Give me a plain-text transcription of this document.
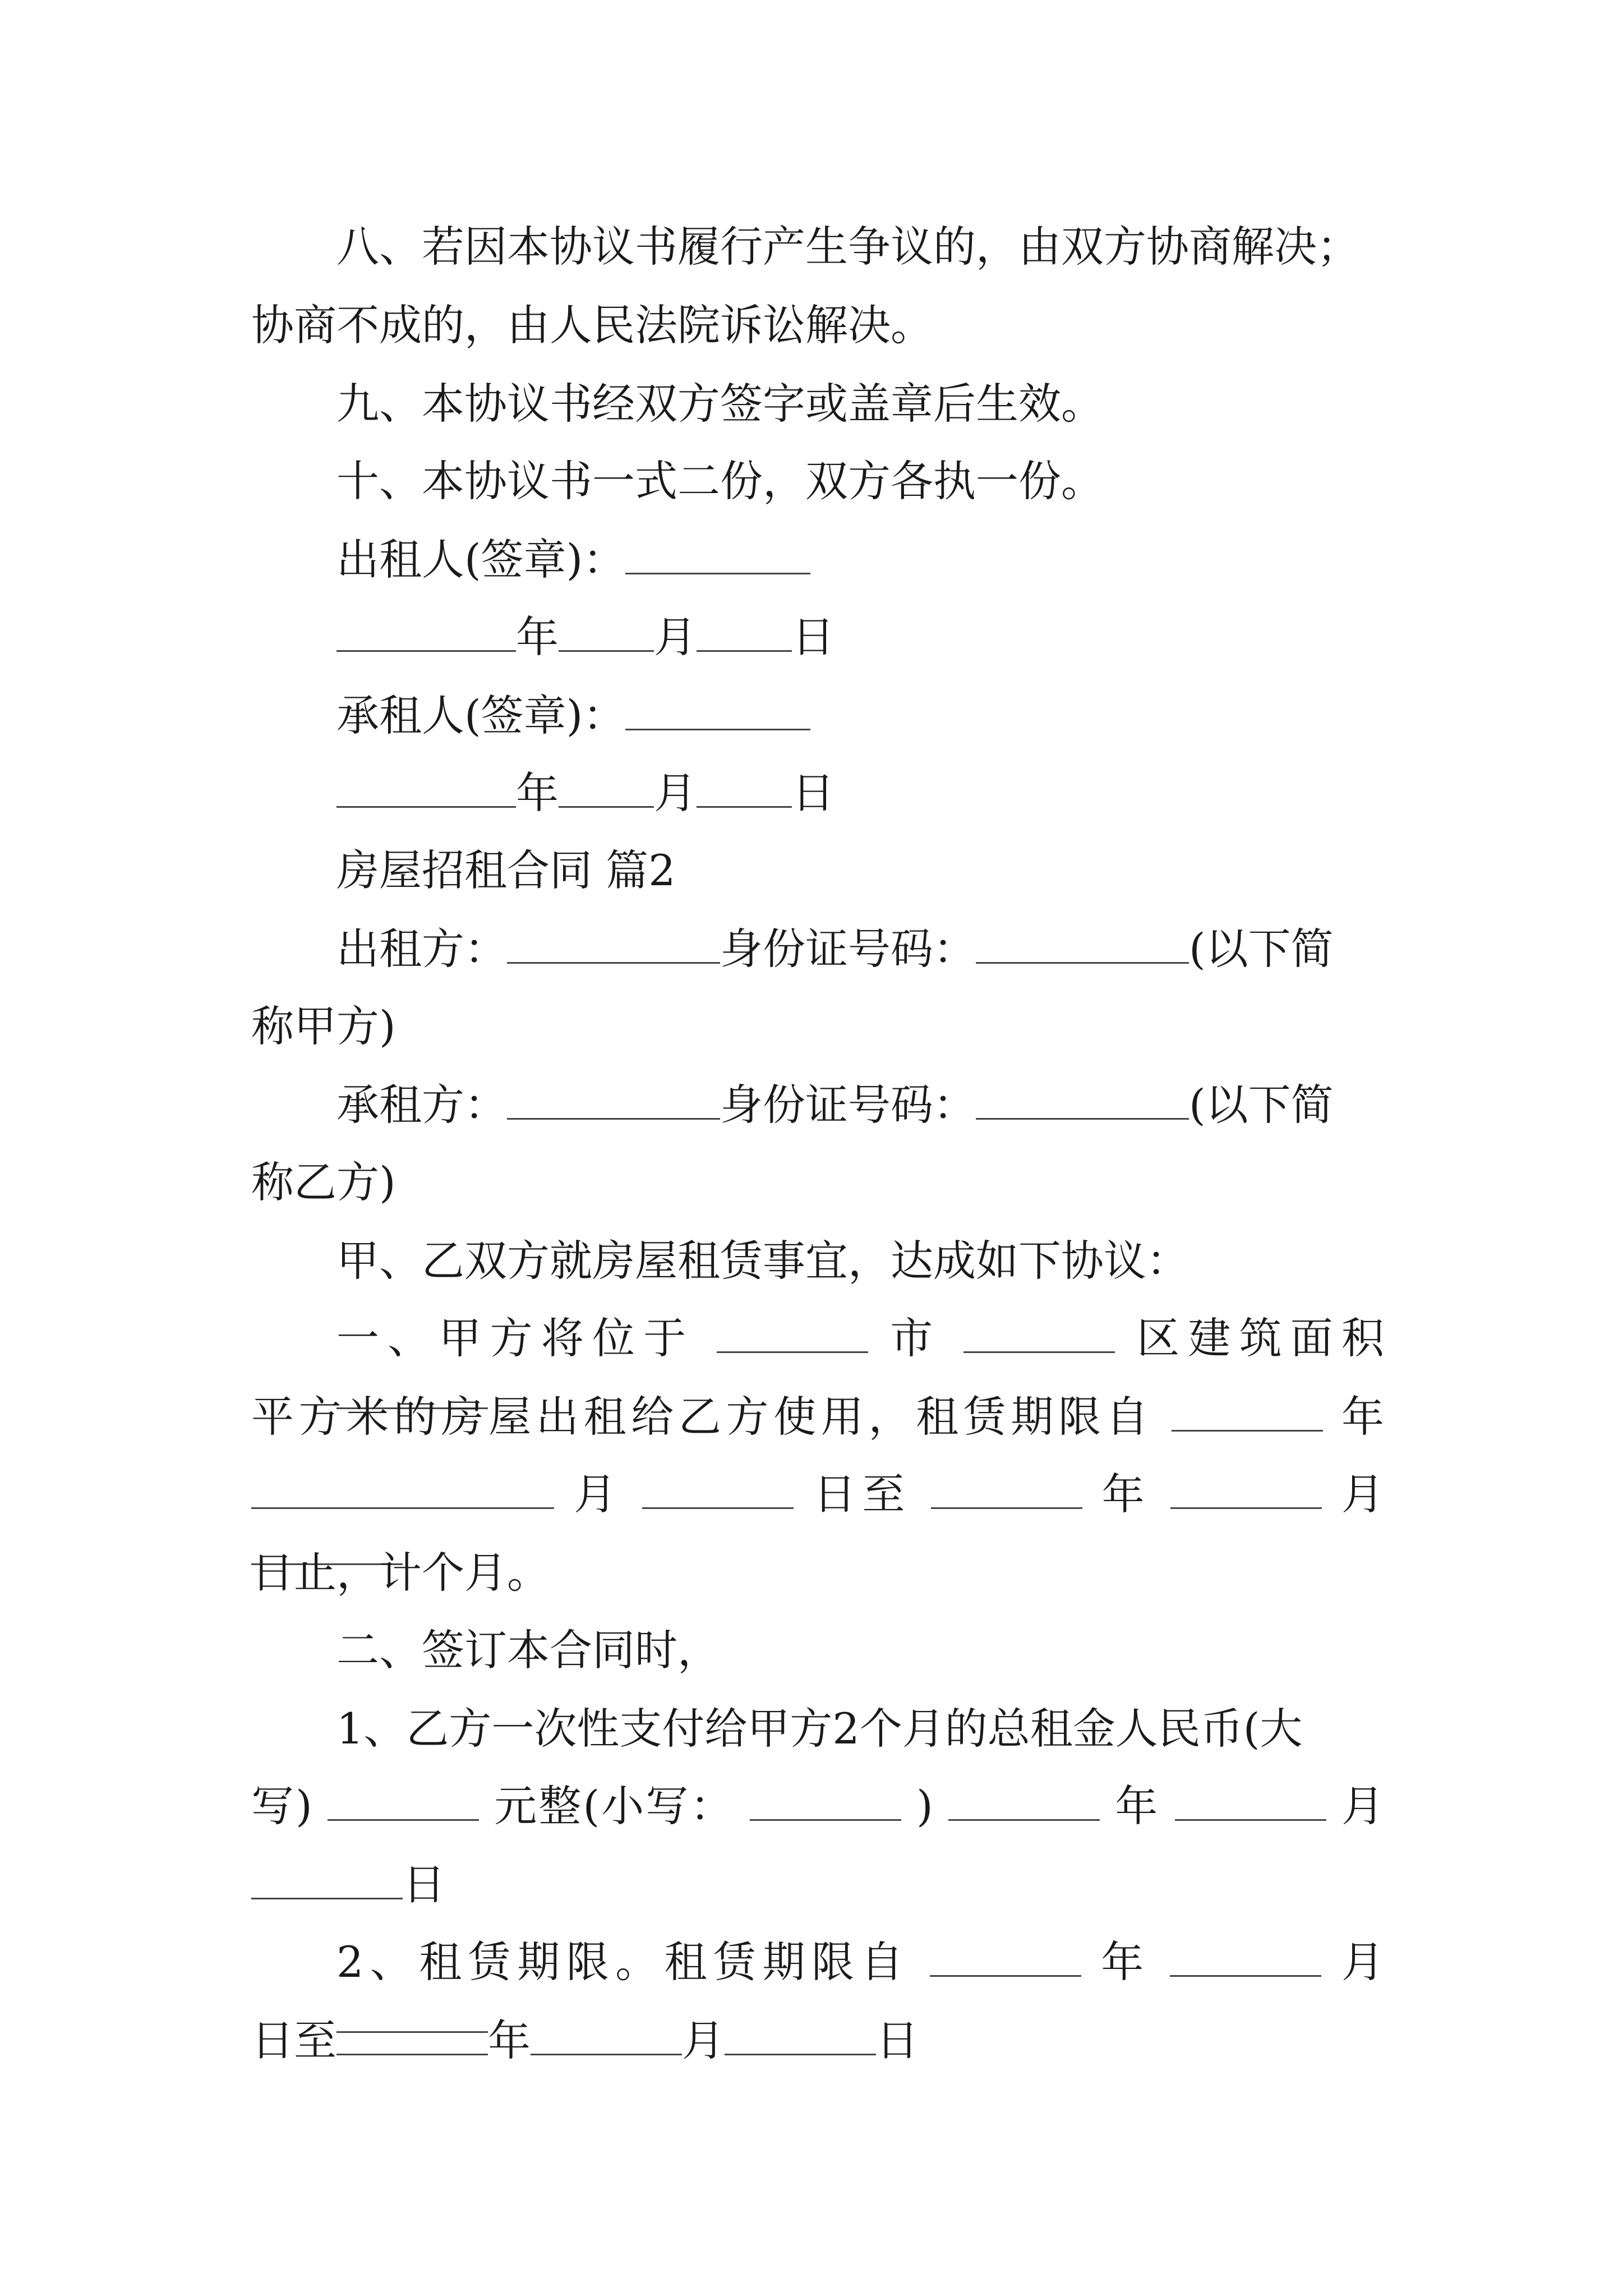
八、若因本协议书履行产生争议的，由双方协商解决；
协商不成的，由人民法院诉讼解决。
九、本协议书经双方签字或盖章后生效。
十、本协议书一式二份，双方各执一份。
出租人(签章)：
年 月 日
承租人(签章)：
年 月 日
房屋招租合同 篇2
出租方：	身份证号码：	(以下简
称甲方)
承租方：	身份证号码：	(以下简
称乙方)
甲、乙双方就房屋租赁事宜，达成如下协议：
一、甲方将位于	市	区建筑面积
平方米的房屋出租给乙方使用，租赁期限自	年
月	日至	年	月
日止，计个月。
二、签订本合同时，
1、乙方一次性支付给甲方2个月的总租金人民币(大
写)	元整(小写：	)	年	月
日
2、租赁期限。租赁期限自	年	月
日至	年	月	日
